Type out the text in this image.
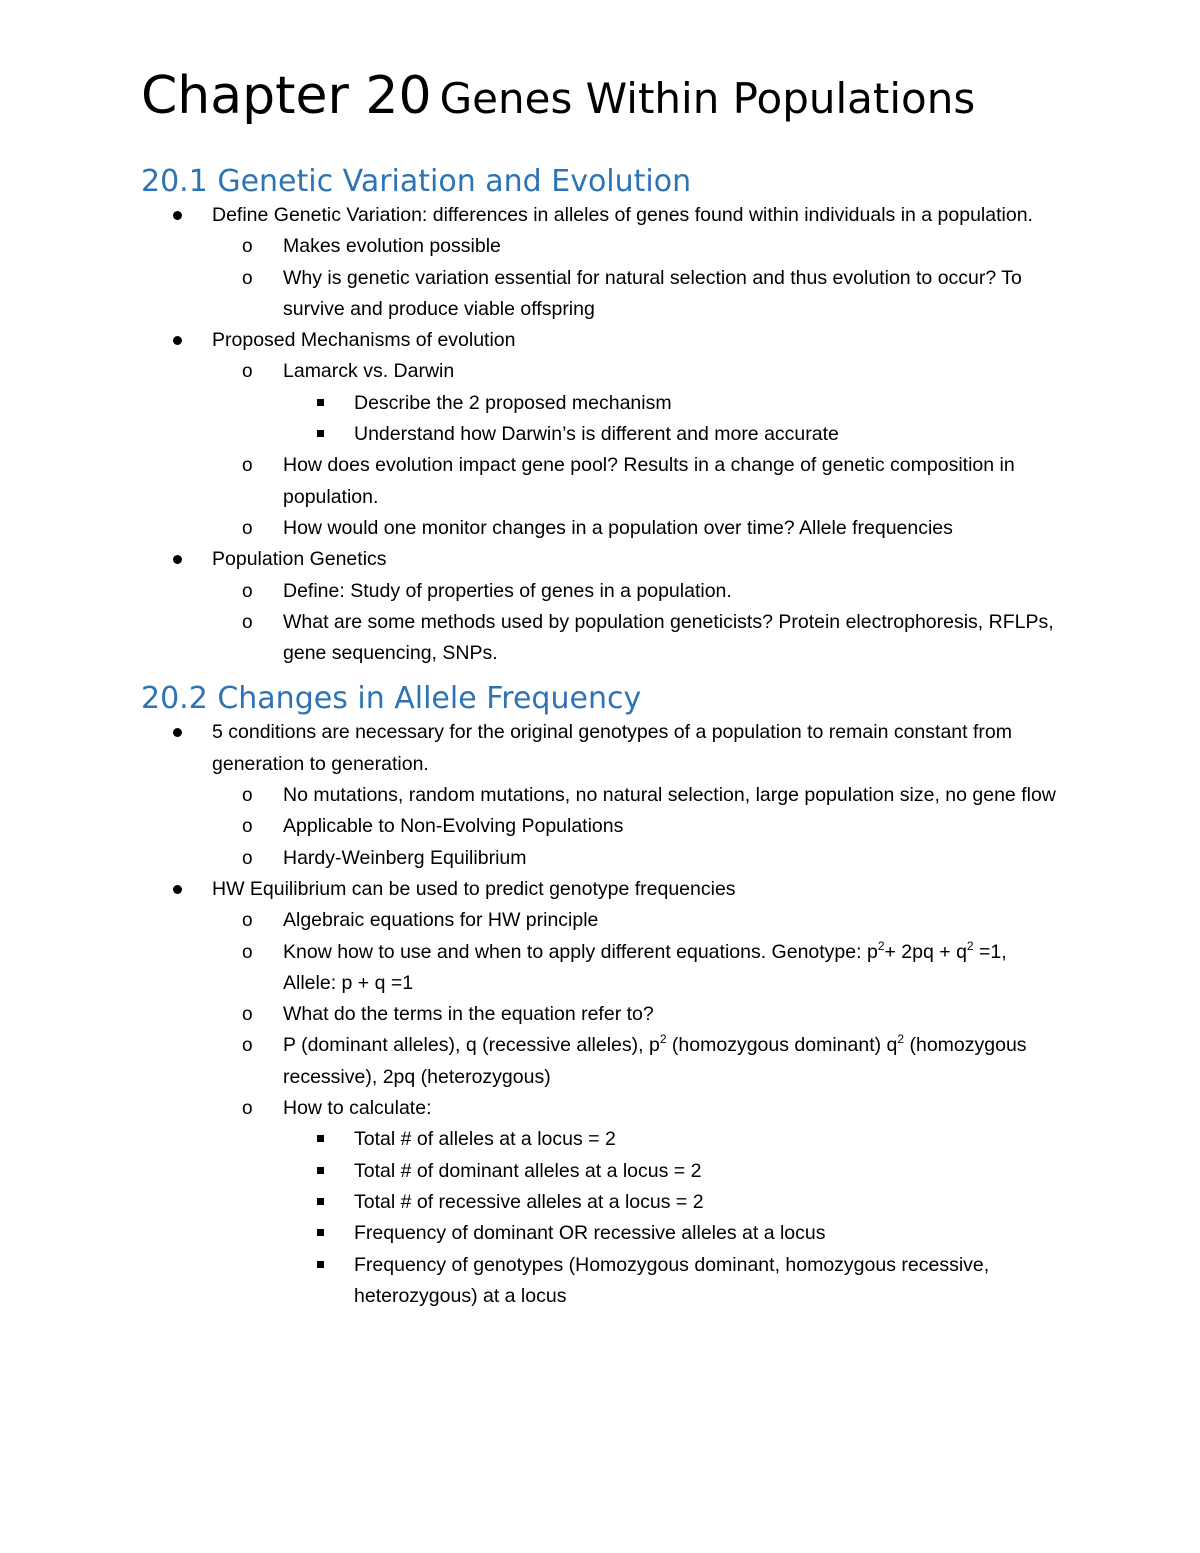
Chapter 20 Genes Within Populations
20.1 Genetic Variation and Evolution
Define Genetic Variation: differences in alleles of genes found within individuals in a population.
o Makes evolution possible
o Why is genetic variation essential for natural selection and thus evolution to occur? To survive and produce viable offspring
Proposed Mechanisms of evolution
o Lamarck vs. Darwin
Describe the 2 proposed mechanism
Understand how Darwin’s is different and more accurate
o How does evolution impact gene pool? Results in a change of genetic composition in population.
o How would one monitor changes in a population over time? Allele frequencies
Population Genetics
o Define: Study of properties of genes in a population.
o What are some methods used by population geneticists? Protein electrophoresis, RFLPs, gene sequencing, SNPs.
20.2 Changes in Allele Frequency
5 conditions are necessary for the original genotypes of a population to remain constant from generation to generation.
o No mutations, random mutations, no natural selection, large population size, no gene flow
o Applicable to Non-Evolving Populations
o Hardy-Weinberg Equilibrium
HW Equilibrium can be used to predict genotype frequencies
o Algebraic equations for HW principle
o Know how to use and when to apply different equations. Genotype: $p^2+ 2pq + q^2 =1$, Allele: p + q =1
o What do the terms in the equation refer to?
o P (dominant alleles), q (recessive alleles), $p^2$ (homozygous dominant) $q^2$ (homozygous recessive), 2pq (heterozygous)
o How to calculate:
Total # of alleles at a locus = 2
Total # of dominant alleles at a locus = 2
Total # of recessive alleles at a locus = 2
Frequency of dominant OR recessive alleles at a locus
Frequency of genotypes (Homozygous dominant, homozygous recessive, heterozygous) at a locus
